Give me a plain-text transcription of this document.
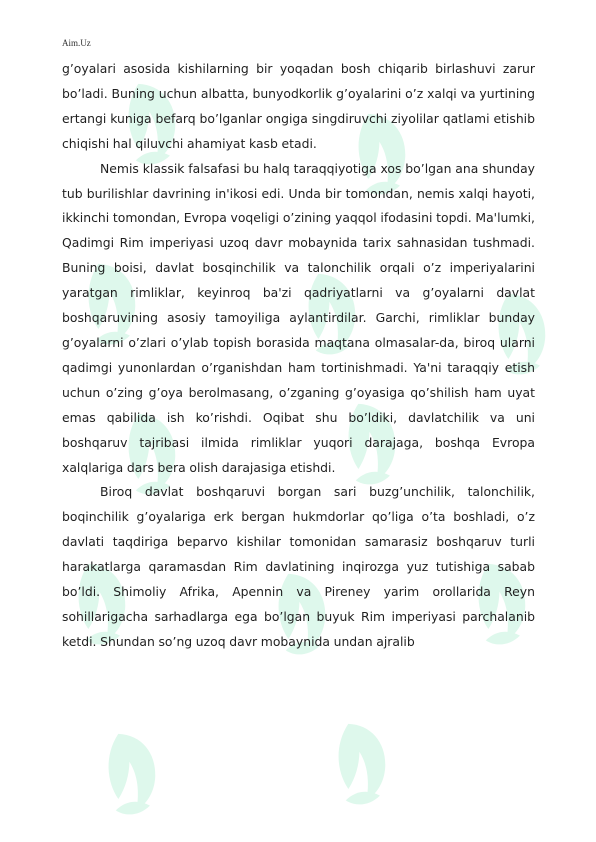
Aim.Uz

g’oyalari asosida kishilarning bir yoqadan bosh chiqarib birlashuvi zarur bo’ladi. Buning uchun albatta, bunyodkorlik g’oyalarini o’z xalqi va yurtining ertangi kuniga befarq bo’lganlar ongiga singdiruvchi ziyolilar qatlami etishib chiqishi hal qiluvchi ahamiyat kasb etadi.

Nemis klassik falsafasi bu halq taraqqiyotiga xos bo’lgan ana shunday tub burilishlar davrining in'ikosi edi. Unda bir tomondan, nemis xalqi hayoti, ikkinchi tomondan, Evropa voqeligi o’zining yaqqol ifodasini topdi. Ma'lumki, Qadimgi Rim imperiyasi uzoq davr mobaynida tarix sahnasidan tushmadi. Buning boisi, davlat bosqinchilik va talonchilik orqali o’z imperiyalarini yaratgan rimliklar, keyinroq ba'zi qadriyatlarni va g’oyalarni davlat boshqaruvining asosiy tamoyiliga aylantirdilar. Garchi, rimliklar bunday g’oyalarni o’zlari o’ylab topish borasida maqtana olmasalar-da, biroq ularni qadimgi yunonlardan o’rganishdan ham tortinishmadi. Ya'ni taraqqiy etish uchun o’zing g’oya berolmasang, o’zganing g’oyasiga qo’shilish ham uyat emas qabilida ish ko’rishdi. Oqibat shu bo’ldiki, davlatchilik va uni boshqaruv tajribasi ilmida rimliklar yuqori darajaga, boshqa Evropa xalqlariga dars bera olish darajasiga etishdi.

Biroq davlat boshqaruvi borgan sari buzg’unchilik, talonchilik, boqinchilik g’oyalariga erk bergan hukmdorlar qo’liga o’ta boshladi, o’z davlati taqdiriga beparvo kishilar tomonidan samarasiz boshqaruv turli harakatlarga qaramasdan Rim davlatining inqirozga yuz tutishiga sabab bo’ldi. Shimoliy Afrika, Apennin va Pireney yarim orollarida Reyn sohillarigacha sarhadlarga ega bo’lgan buyuk Rim imperiyasi parchalanib ketdi. Shundan so’ng uzoq davr mobaynida undan ajralib
